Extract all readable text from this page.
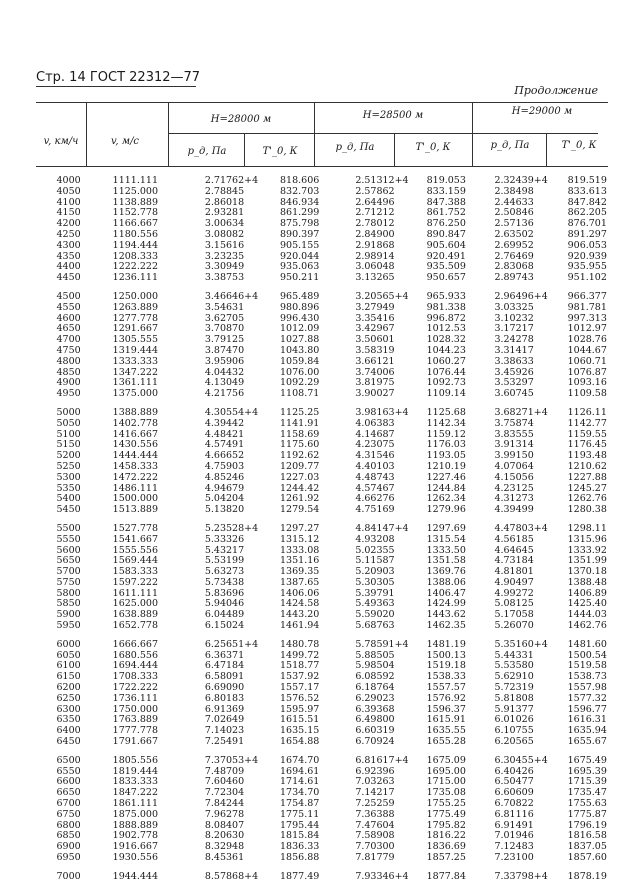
Стр. 14 ГОСТ 22312—77
Продолжение
v, км/ч	v, м/с
H=28000 м	H=28500 м	H=29000 м
p_д, Па	T'_0, К	p_д, Па	T'_0, К	p_д, Па	T'_0, К
4000	1111.111	2.71762+4	818.606	2.51312+4	819.053	2.32439+4	819.519
4050	1125.000	2.78845	832.703	2.57862	833.159	2.38498	833.613
4100	1138.889	2.86018	846.934	2.64496	847.388	2.44633	847.842
4150	1152.778	2.93281	861.299	2.71212	861.752	2.50846	862.205
4200	1166.667	3.00634	875.798	2.78012	876.250	2.57136	876.701
4250	1180.556	3.08082	890.397	2.84900	890.847	2.63502	891.297
4300	1194.444	3.15616	905.155	2.91868	905.604	2.69952	906.053
4350	1208.333	3.23235	920.044	2.98914	920.491	2.76469	920.939
4400	1222.222	3.30949	935.063	3.06048	935.509	2.83068	935.955
4450	1236.111	3.38753	950.211	3.13265	950.657	2.89743	951.102
4500	1250.000	3.46646+4	965.489	3.20565+4	965.933	2.96496+4	966.377
4550	1263.889	3.54631	980.896	3.27949	981.338	3.03325	981.781
4600	1277.778	3.62705	996.430	3.35416	996.872	3.10232	997.313
4650	1291.667	3.70870	1012.09	3.42967	1012.53	3.17217	1012.97
4700	1305.555	3.79125	1027.88	3.50601	1028.32	3.24278	1028.76
4750	1319.444	3.87470	1043.80	3.58319	1044.23	3.31417	1044.67
4800	1333.333	3.95906	1059.84	3.66121	1060.27	3.38633	1060.71
4850	1347.222	4.04432	1076.00	3.74006	1076.44	3.45926	1076.87
4900	1361.111	4.13049	1092.29	3.81975	1092.73	3.53297	1093.16
4950	1375.000	4.21756	1108.71	3.90027	1109.14	3.60745	1109.58
5000	1388.889	4.30554+4	1125.25	3.98163+4	1125.68	3.68271+4	1126.11
5050	1402.778	4.39442	1141.91	4.06383	1142.34	3.75874	1142.77
5100	1416.667	4.48421	1158.69	4.14687	1159.12	3.83555	1159.55
5150	1430.556	4.57491	1175.60	4.23075	1176.03	3.91314	1176.45
5200	1444.444	4.66652	1192.62	4.31546	1193.05	3.99150	1193.48
5250	1458.333	4.75903	1209.77	4.40103	1210.19	4.07064	1210.62
5300	1472.222	4.85246	1227.03	4.48743	1227.46	4.15056	1227.88
5350	1486.111	4.94679	1244.42	4.57467	1244.84	4.23125	1245.27
5400	1500.000	5.04204	1261.92	4.66276	1262.34	4.31273	1262.76
5450	1513.889	5.13820	1279.54	4.75169	1279.96	4.39499	1280.38
5500	1527.778	5.23528+4	1297.27	4.84147+4	1297.69	4.47803+4	1298.11
5550	1541.667	5.33326	1315.12	4.93208	1315.54	4.56185	1315.96
5600	1555.556	5.43217	1333.08	5.02355	1333.50	4.64645	1333.92
5650	1569.444	5.53199	1351.16	5.11587	1351.58	4.73184	1351.99
5700	1583.333	5.63273	1369.35	5.20903	1369.76	4.81801	1370.18
5750	1597.222	5.73438	1387.65	5.30305	1388.06	4.90497	1388.48
5800	1611.111	5.83696	1406.06	5.39791	1406.47	4.99272	1406.89
5850	1625.000	5.94046	1424.58	5.49363	1424.99	5.08125	1425.40
5900	1638.889	6.04489	1443.20	5.59020	1443.62	5.17058	1444.03
5950	1652.778	6.15024	1461.94	5.68763	1462.35	5.26070	1462.76
6000	1666.667	6.25651+4	1480.78	5.78591+4	1481.19	5.35160+4	1481.60
6050	1680.556	6.36371	1499.72	5.88505	1500.13	5.44331	1500.54
6100	1694.444	6.47184	1518.77	5.98504	1519.18	5.53580	1519.58
6150	1708.333	6.58091	1537.92	6.08592	1538.33	5.62910	1538.73
6200	1722.222	6.69090	1557.17	6.18764	1557.57	5.72319	1557.98
6250	1736.111	6.80183	1576.52	6.29023	1576.92	5.81808	1577.32
6300	1750.000	6.91369	1595.97	6.39368	1596.37	5.91377	1596.77
6350	1763.889	7.02649	1615.51	6.49800	1615.91	6.01026	1616.31
6400	1777.778	7.14023	1635.15	6.60319	1635.55	6.10755	1635.94
6450	1791.667	7.25491	1654.88	6.70924	1655.28	6.20565	1655.67
6500	1805.556	7.37053+4	1674.70	6.81617+4	1675.09	6.30455+4	1675.49
6550	1819.444	7.48709	1694.61	6.92396	1695.00	6.40426	1695.39
6600	1833.333	7.60460	1714.61	7.03263	1715.00	6.50477	1715.39
6650	1847.222	7.72304	1734.70	7.14217	1735.08	6.60609	1735.47
6700	1861.111	7.84244	1754.87	7.25259	1755.25	6.70822	1755.63
6750	1875.000	7.96278	1775.11	7.36388	1775.49	6.81116	1775.87
6800	1888.889	8.08407	1795.44	7.47604	1795.82	6.91491	1796.19
6850	1902.778	8.20630	1815.84	7.58908	1816.22	7.01946	1816.58
6900	1916.667	8.32948	1836.33	7.70300	1836.69	7.12483	1837.05
6950	1930.556	8.45361	1856.88	7.81779	1857.25	7.23100	1857.60
7000	1944.444	8.57868+4	1877.49	7.93346+4	1877.84	7.33798+4	1878.19
